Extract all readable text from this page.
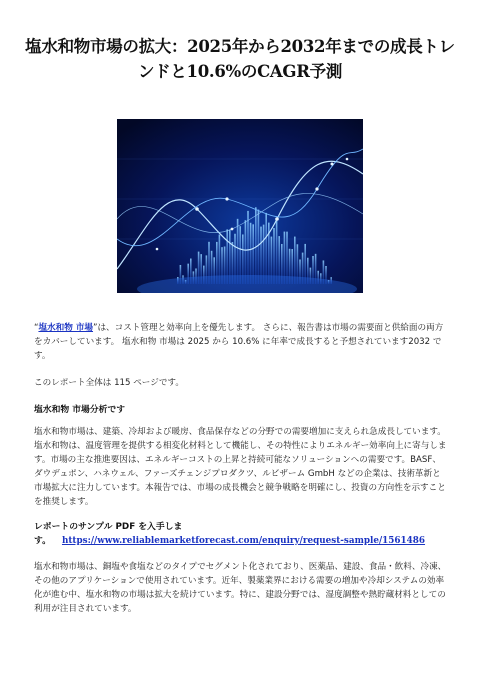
塩水和物市場の拡大：2025年から2032年までの成長トレンドと10.6%のCAGR予測

“塩水和物 市場”は、コスト管理と効率向上を優先します。 さらに、報告書は市場の需要面と供給面の両方をカバーしています。 塩水和物 市場は 2025 から 10.6% に年率で成長すると予想されています2032 です。

このレポート全体は 115 ページです。

塩水和物 市場分析です

塩水和物市場は、建築、冷却および暖房、食品保存などの分野での需要増加に支えられ急成長しています。塩水和物は、温度管理を提供する相変化材料として機能し、その特性によりエネルギー効率向上に寄与します。市場の主な推進要因は、エネルギーコストの上昇と持続可能なソリューションへの需要です。BASF、ダウデュポン、ハネウェル、ファーズチェンジプロダクツ、ルビザーム GmbH などの企業は、技術革新と市場拡大に注力しています。本報告では、市場の成長機会と競争戦略を明確にし、投資の方向性を示すことを推奨します。

レポートのサンプル PDF を入手しま
す。 https://www.reliablemarketforecast.com/enquiry/request-sample/1561486

塩水和物市場は、銅塩や食塩などのタイプでセグメント化されており、医薬品、建設、食品・飲料、冷凍、その他のアプリケーションで使用されています。近年、製薬業界における需要の増加や冷却システムの効率化が進む中、塩水和物の市場は拡大を続けています。特に、建設分野では、湿度調整や熱貯蔵材料としての利用が注目されています。
